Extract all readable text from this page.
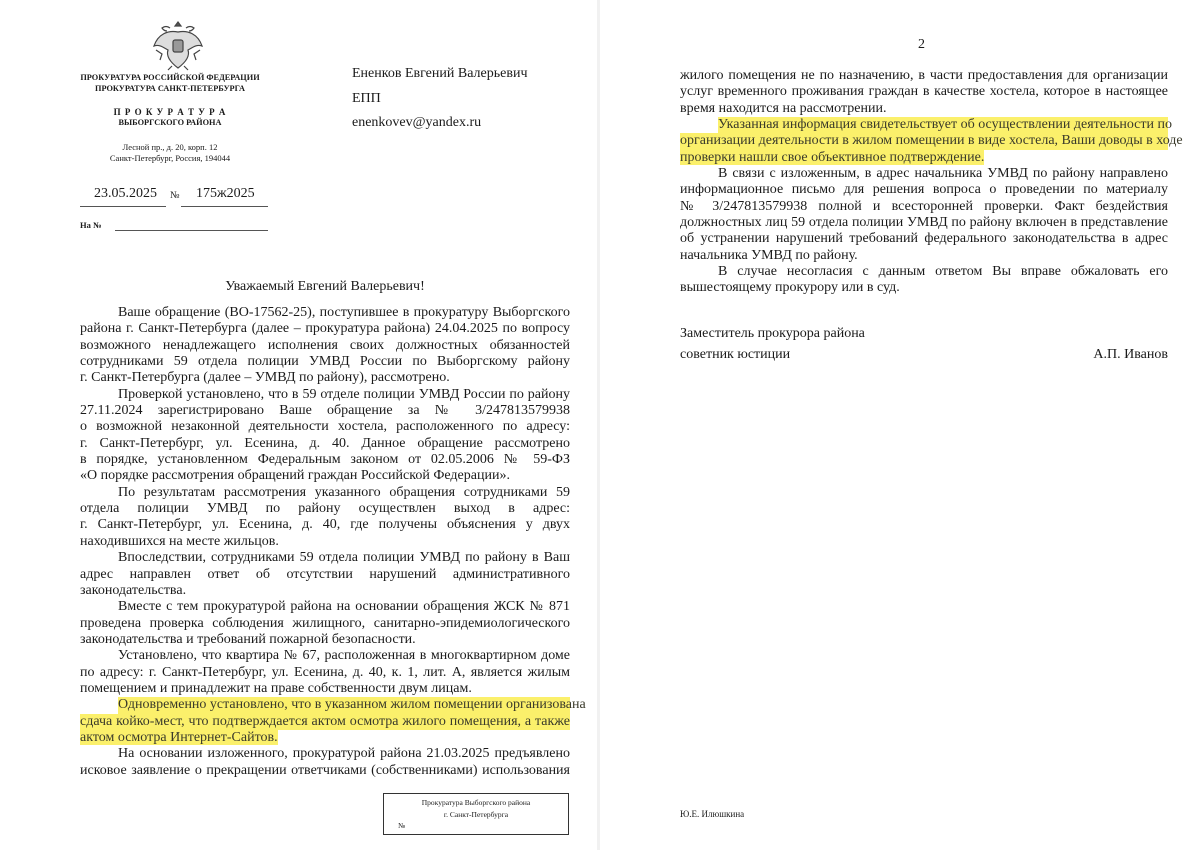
ПРОКУРАТУРА РОССИЙСКОЙ ФЕДЕРАЦИИ
ПРОКУРАТУРА САНКТ-ПЕТЕРБУРГА
П Р О К У Р А Т У Р А
ВЫБОРГСКОГО РАЙОНА
Лесной пр., д. 20, корп. 12
Санкт-Петербург, Россия, 194044
23.05.2025 № 175ж2025
На №
Ененков Евгений Валерьевич
ЕПП
enenkovev@yandex.ru
Уважаемый Евгений Валерьевич!
Ваше обращение (ВО-17562-25), поступившее в прокуратуру Выборгского
района г. Санкт-Петербурга (далее – прокуратура района) 24.04.2025 по вопросу
возможного ненадлежащего исполнения своих должностных обязанностей
сотрудниками 59 отдела полиции УМВД России по Выборгскому району
г. Санкт-Петербурга (далее – УМВД по району), рассмотрено.
Проверкой установлено, что в 59 отделе полиции УМВД России по району
27.11.2024 зарегистрировано Ваше обращение за № 3/247813579938
о возможной незаконной деятельности хостела, расположенного по адресу:
г. Санкт-Петербург, ул. Есенина, д. 40. Данное обращение рассмотрено
в порядке, установленном Федеральным законом от 02.05.2006 № 59-ФЗ
«О порядке рассмотрения обращений граждан Российской Федерации».
По результатам рассмотрения указанного обращения сотрудниками 59
отдела полиции УМВД по району осуществлен выход в адрес:
г. Санкт-Петербург, ул. Есенина, д. 40, где получены объяснения у двух
находившихся на месте жильцов.
Впоследствии, сотрудниками 59 отдела полиции УМВД по району в Ваш
адрес направлен ответ об отсутствии нарушений административного
законодательства.
Вместе с тем прокуратурой района на основании обращения ЖСК № 871
проведена проверка соблюдения жилищного, санитарно-эпидемиологического
законодательства и требований пожарной безопасности.
Установлено, что квартира № 67, расположенная в многоквартирном доме
по адресу: г. Санкт-Петербург, ул. Есенина, д. 40, к. 1, лит. А, является жилым
помещением и принадлежит на праве собственности двум лицам.
Одновременно установлено, что в указанном жилом помещении организована
сдача койко-мест, что подтверждается актом осмотра жилого помещения, а также
актом осмотра Интернет-Сайтов.
На основании изложенного, прокуратурой района 21.03.2025 предъявлено
исковое заявление о прекращении ответчиками (собственниками) использования
Прокуратура Выборгского района
г. Санкт-Петербурга
№
2
жилого помещения не по назначению, в части предоставления для организации
услуг временного проживания граждан в качестве хостела, которое в настоящее
время находится на рассмотрении.
Указанная информация свидетельствует об осуществлении деятельности по
организации деятельности в жилом помещении в виде хостела, Ваши доводы в ходе
проверки нашли свое объективное подтверждение.
В связи с изложенным, в адрес начальника УМВД по району направлено
информационное письмо для решения вопроса о проведении по материалу
№ 3/247813579938 полной и всесторонней проверки. Факт бездействия
должностных лиц 59 отдела полиции УМВД по району включен в представление
об устранении нарушений требований федерального законодательства в адрес
начальника УМВД по району.
В случае несогласия с данным ответом Вы вправе обжаловать его
вышестоящему прокурору или в суд.
Заместитель прокурора района
советник юстиции	А.П. Иванов
Ю.Е. Илюшкина
